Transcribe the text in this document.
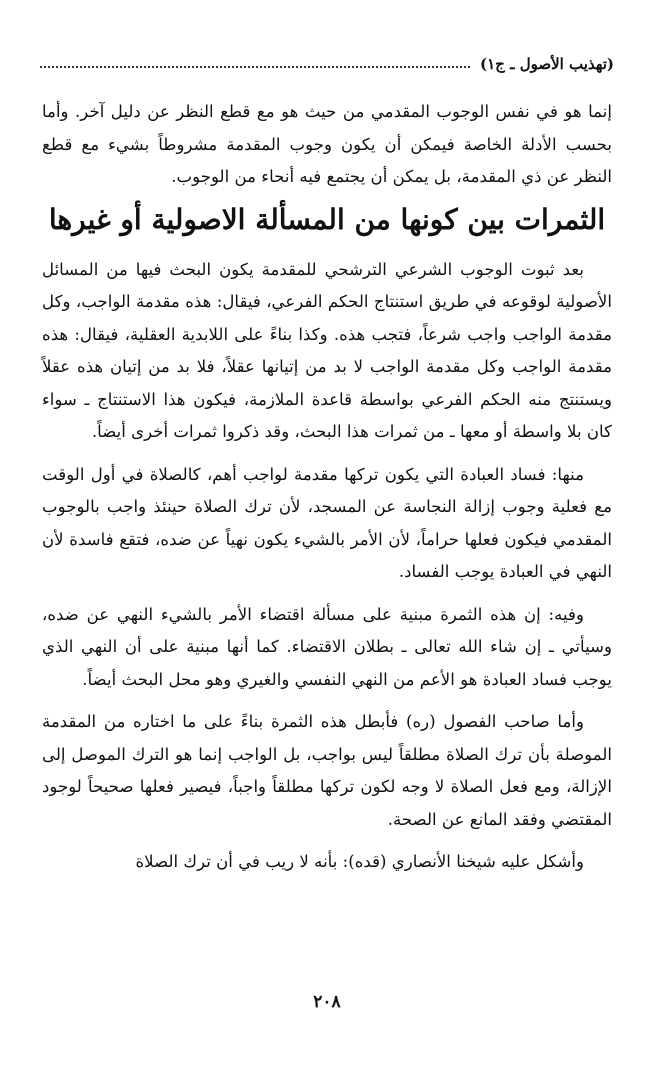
(تهذيب الأصول ـ ج١)

إنما هو في نفس الوجوب المقدمي من حيث هو مع قطع النظر عن دليل آخر. وأما بحسب الأدلة الخاصة فيمكن أن يكون وجوب المقدمة مشروطاً بشيء مع قطع النظر عن ذي المقدمة، بل يمكن أن يجتمع فيه أنحاء من الوجوب.

الثمرات بين كونها من المسألة الاصولية أو غيرها

بعد ثبوت الوجوب الشرعي الترشحي للمقدمة يكون البحث فيها من المسائل الأصولية لوقوعه في طريق استنتاج الحكم الفرعي، فيقال: هذه مقدمة الواجب، وكل مقدمة الواجب واجب شرعاً، فتجب هذه. وكذا بناءً على اللابدية العقلية، فيقال: هذه مقدمة الواجب وكل مقدمة الواجب لا بد من إتيانها عقلاً، فلا بد من إتيان هذه عقلاً ويستنتج منه الحكم الفرعي بواسطة قاعدة الملازمة، فيكون هذا الاستنتاج ـ سواء كان بلا واسطة أو معها ـ من ثمرات هذا البحث، وقد ذكروا ثمرات أخرى أيضاً.

منها: فساد العبادة التي يكون تركها مقدمة لواجب أهم، كالصلاة في أول الوقت مع فعلية وجوب إزالة النجاسة عن المسجد، لأن ترك الصلاة حينئذ واجب بالوجوب المقدمي فيكون فعلها حراماً، لأن الأمر بالشيء يكون نهياً عن ضده، فتقع فاسدة لأن النهي في العبادة يوجب الفساد.

وفيه: إن هذه الثمرة مبنية على مسألة اقتضاء الأمر بالشيء النهي عن ضده، وسيأتي ـ إن شاء الله تعالى ـ بطلان الاقتضاء. كما أنها مبنية على أن النهي الذي يوجب فساد العبادة هو الأعم من النهي النفسي والغيري وهو محل البحث أيضاً.

وأما صاحب الفصول (ره) فأبطل هذه الثمرة بناءً على ما اختاره من المقدمة الموصلة بأن ترك الصلاة مطلقاً ليس بواجب، بل الواجب إنما هو الترك الموصل إلى الإزالة، ومع فعل الصلاة لا وجه لكون تركها مطلقاً واجباً، فيصير فعلها صحيحاً لوجود المقتضي وفقد المانع عن الصحة.

وأشكل عليه شيخنا الأنصاري (قده): بأنه لا ريب في أن ترك الصلاة

٢٠٨
